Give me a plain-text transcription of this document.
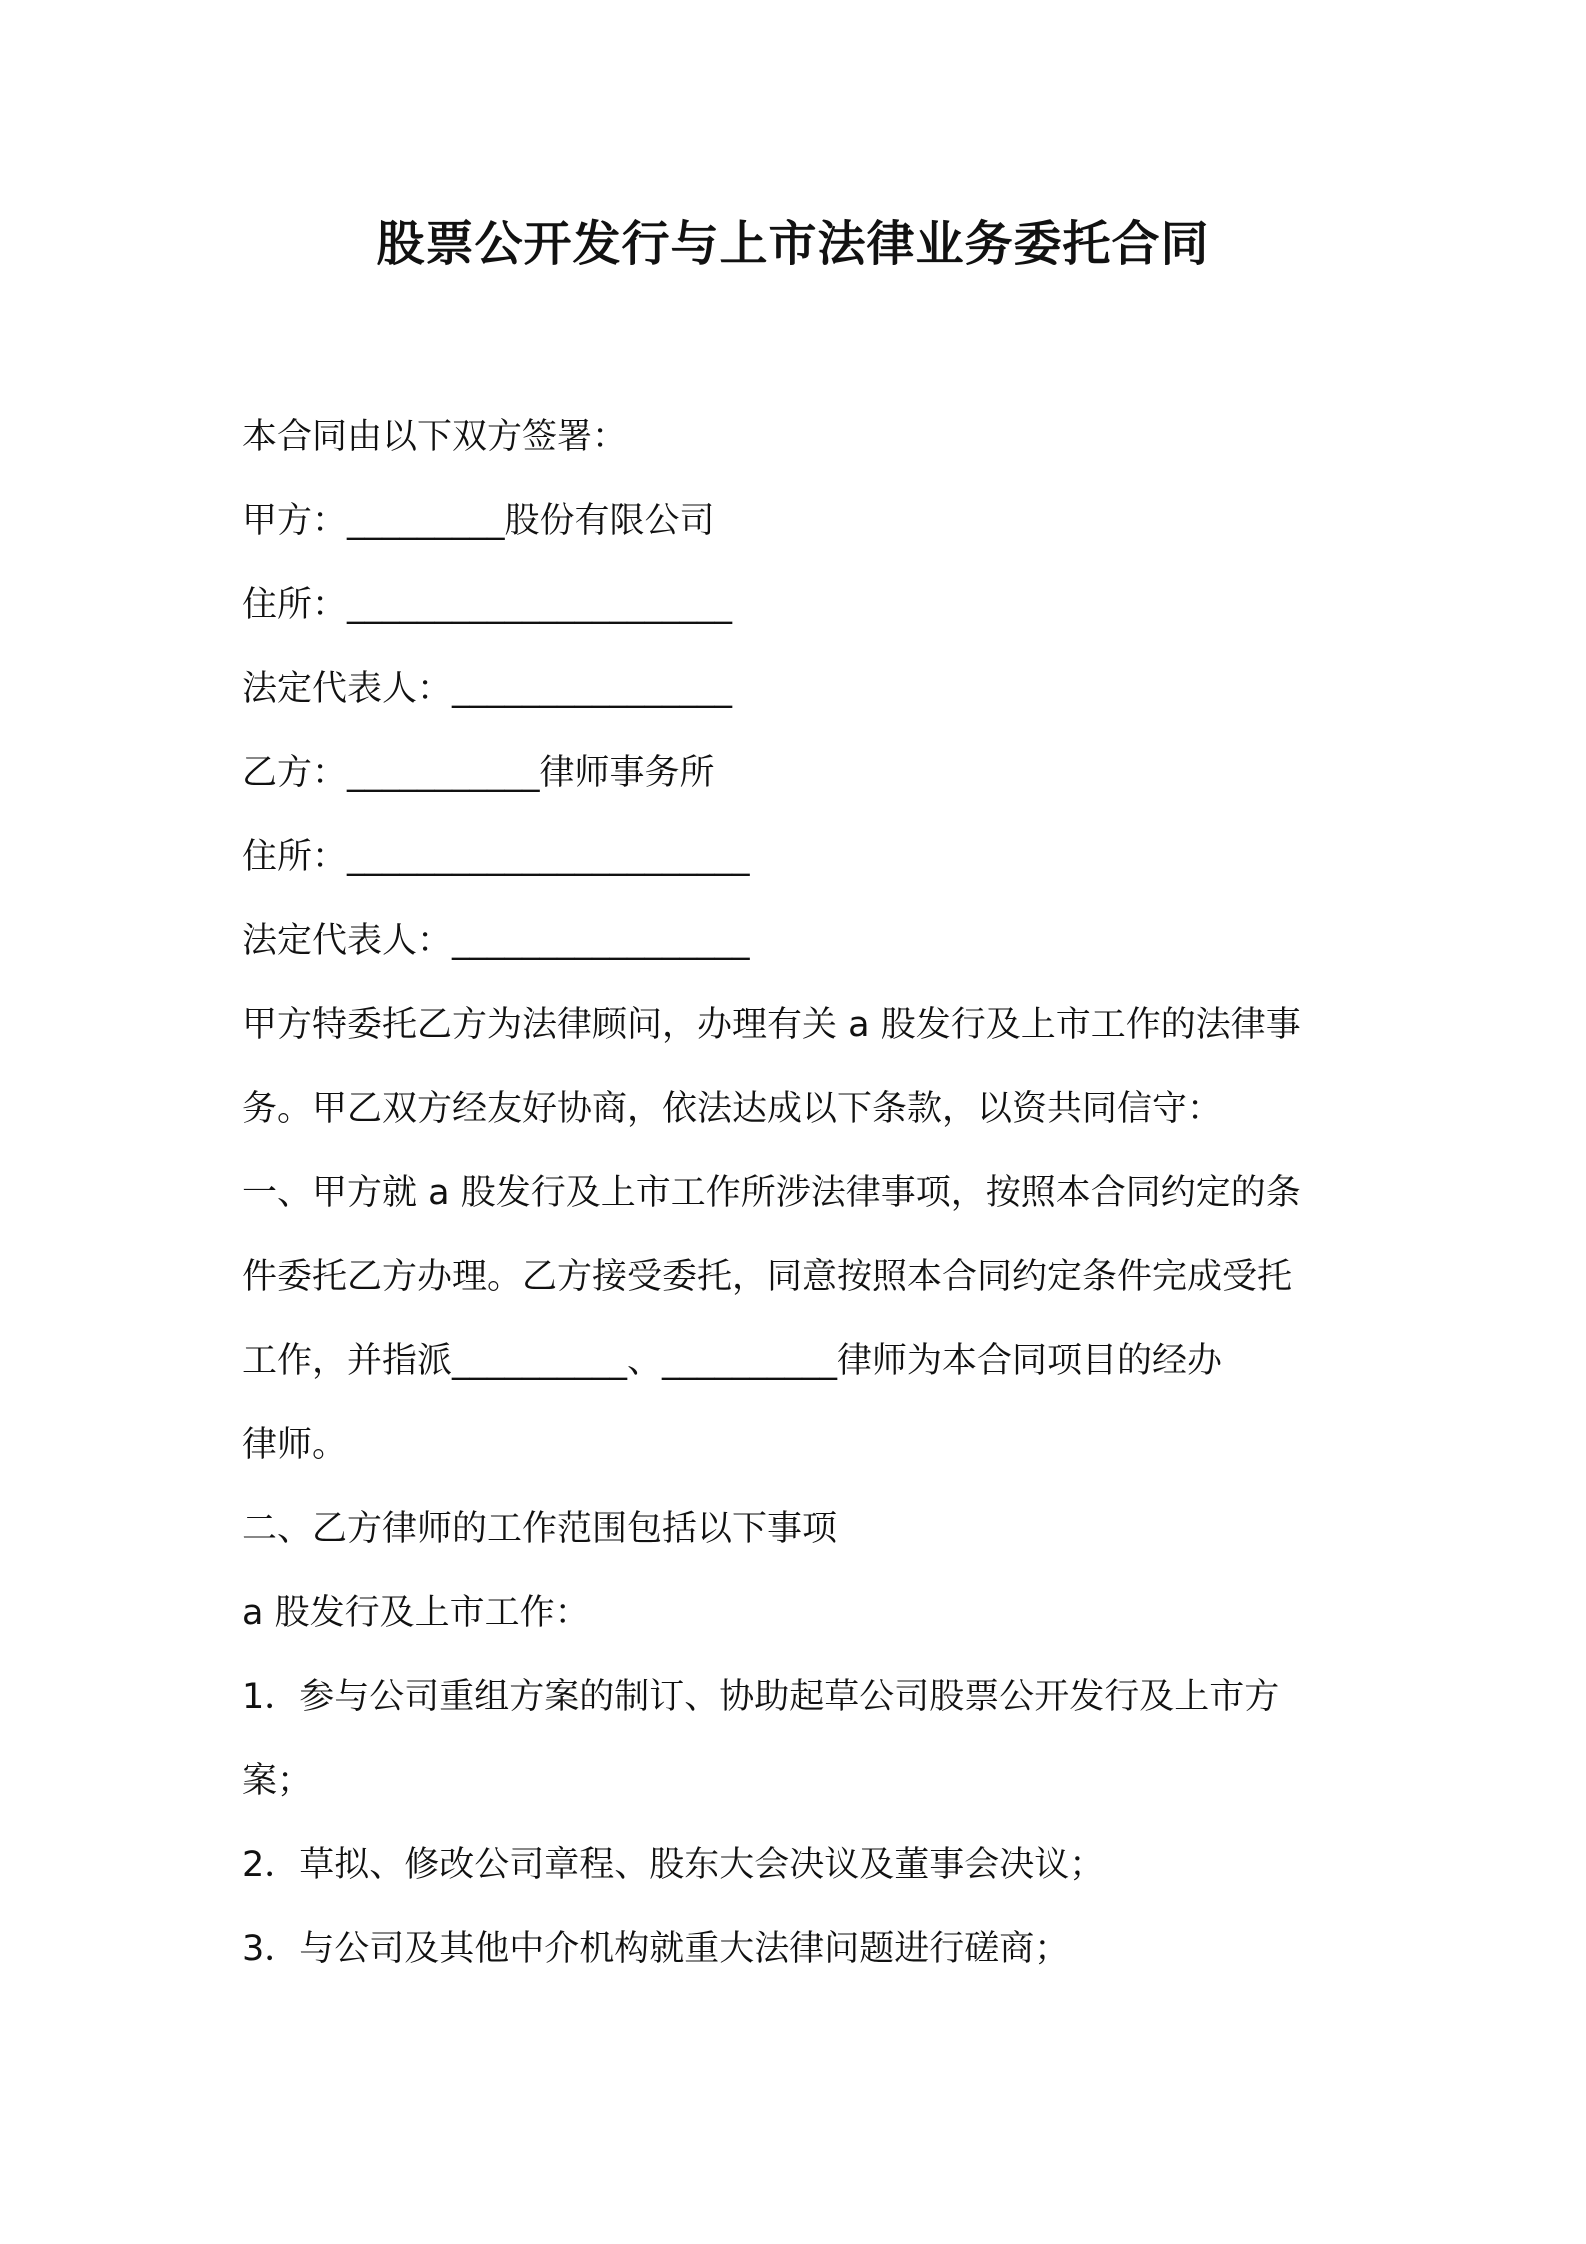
股票公开发行与上市法律业务委托合同
本合同由以下双方签署：
甲方：_________股份有限公司
住所：______________________
法定代表人：________________
乙方：___________律师事务所
住所：_______________________
法定代表人：_________________
甲方特委托乙方为法律顾问，办理有关 a 股发行及上市工作的法律事
务。甲乙双方经友好协商，依法达成以下条款，以资共同信守：
一、甲方就 a 股发行及上市工作所涉法律事项，按照本合同约定的条
件委托乙方办理。乙方接受委托，同意按照本合同约定条件完成受托
工作，并指派__________、__________律师为本合同项目的经办
律师。
二、乙方律师的工作范围包括以下事项
a 股发行及上市工作：
1．参与公司重组方案的制订、协助起草公司股票公开发行及上市方
案；
2．草拟、修改公司章程、股东大会决议及董事会决议；
3．与公司及其他中介机构就重大法律问题进行磋商；
